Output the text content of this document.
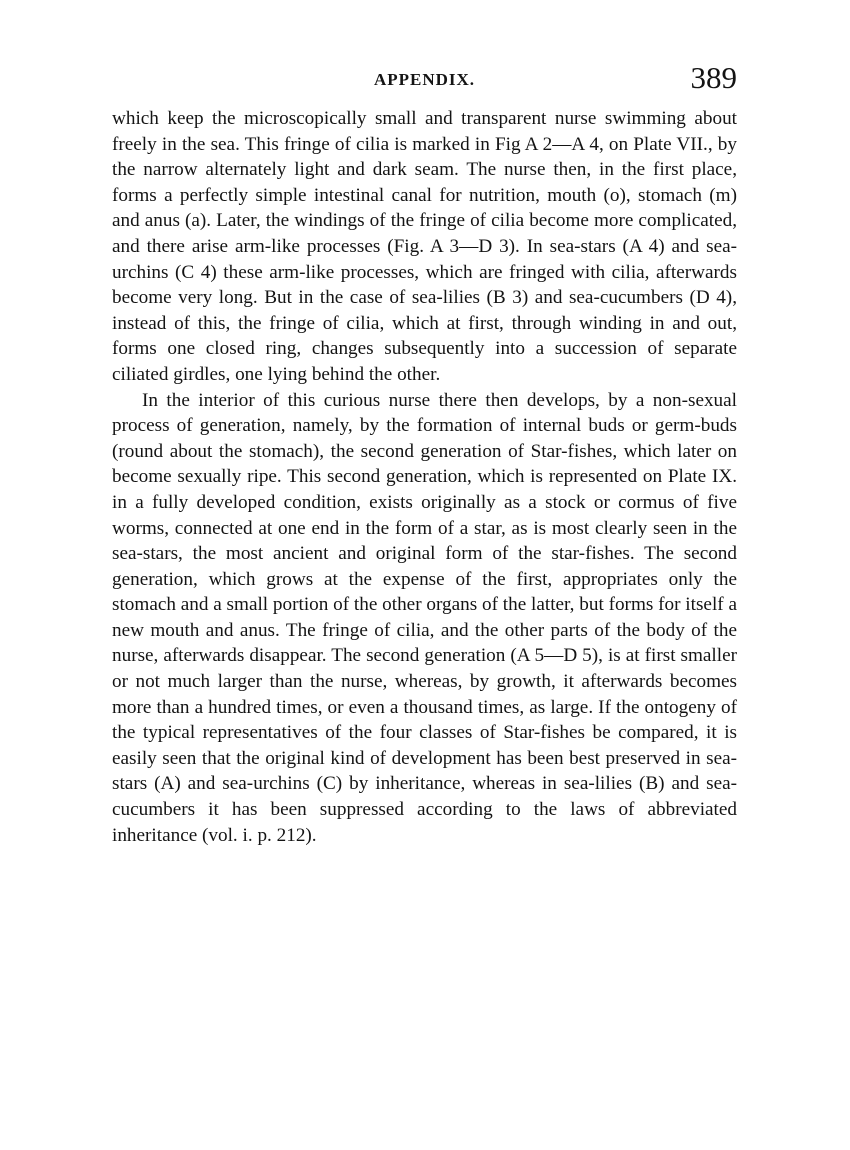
APPENDIX.	389

which keep the microscopically small and transparent nurse swimming about freely in the sea. This fringe of cilia is marked in Fig A 2—A 4, on Plate VII., by the narrow alternately light and dark seam. The nurse then, in the first place, forms a perfectly simple intestinal canal for nutrition, mouth (o), stomach (m) and anus (a). Later, the windings of the fringe of cilia become more complicated, and there arise arm-like processes (Fig. A 3—D 3). In sea-stars (A 4) and sea-urchins (C 4) these arm-like processes, which are fringed with cilia, afterwards become very long. But in the case of sea-lilies (B 3) and sea-cucumbers (D 4), instead of this, the fringe of cilia, which at first, through winding in and out, forms one closed ring, changes subsequently into a succession of separate ciliated girdles, one lying behind the other.

In the interior of this curious nurse there then develops, by a non-sexual process of generation, namely, by the formation of internal buds or germ-buds (round about the stomach), the second generation of Star-fishes, which later on become sexually ripe. This second generation, which is represented on Plate IX. in a fully developed condition, exists originally as a stock or cormus of five worms, connected at one end in the form of a star, as is most clearly seen in the sea-stars, the most ancient and original form of the star-fishes. The second generation, which grows at the expense of the first, appropriates only the stomach and a small portion of the other organs of the latter, but forms for itself a new mouth and anus. The fringe of cilia, and the other parts of the body of the nurse, afterwards disappear. The second generation (A 5—D 5), is at first smaller or not much larger than the nurse, whereas, by growth, it afterwards becomes more than a hundred times, or even a thousand times, as large. If the ontogeny of the typical representatives of the four classes of Star-fishes be compared, it is easily seen that the original kind of development has been best preserved in sea-stars (A) and sea-urchins (C) by inheritance, whereas in sea-lilies (B) and sea-cucumbers it has been suppressed according to the laws of abbreviated inheritance (vol. i. p. 212).
